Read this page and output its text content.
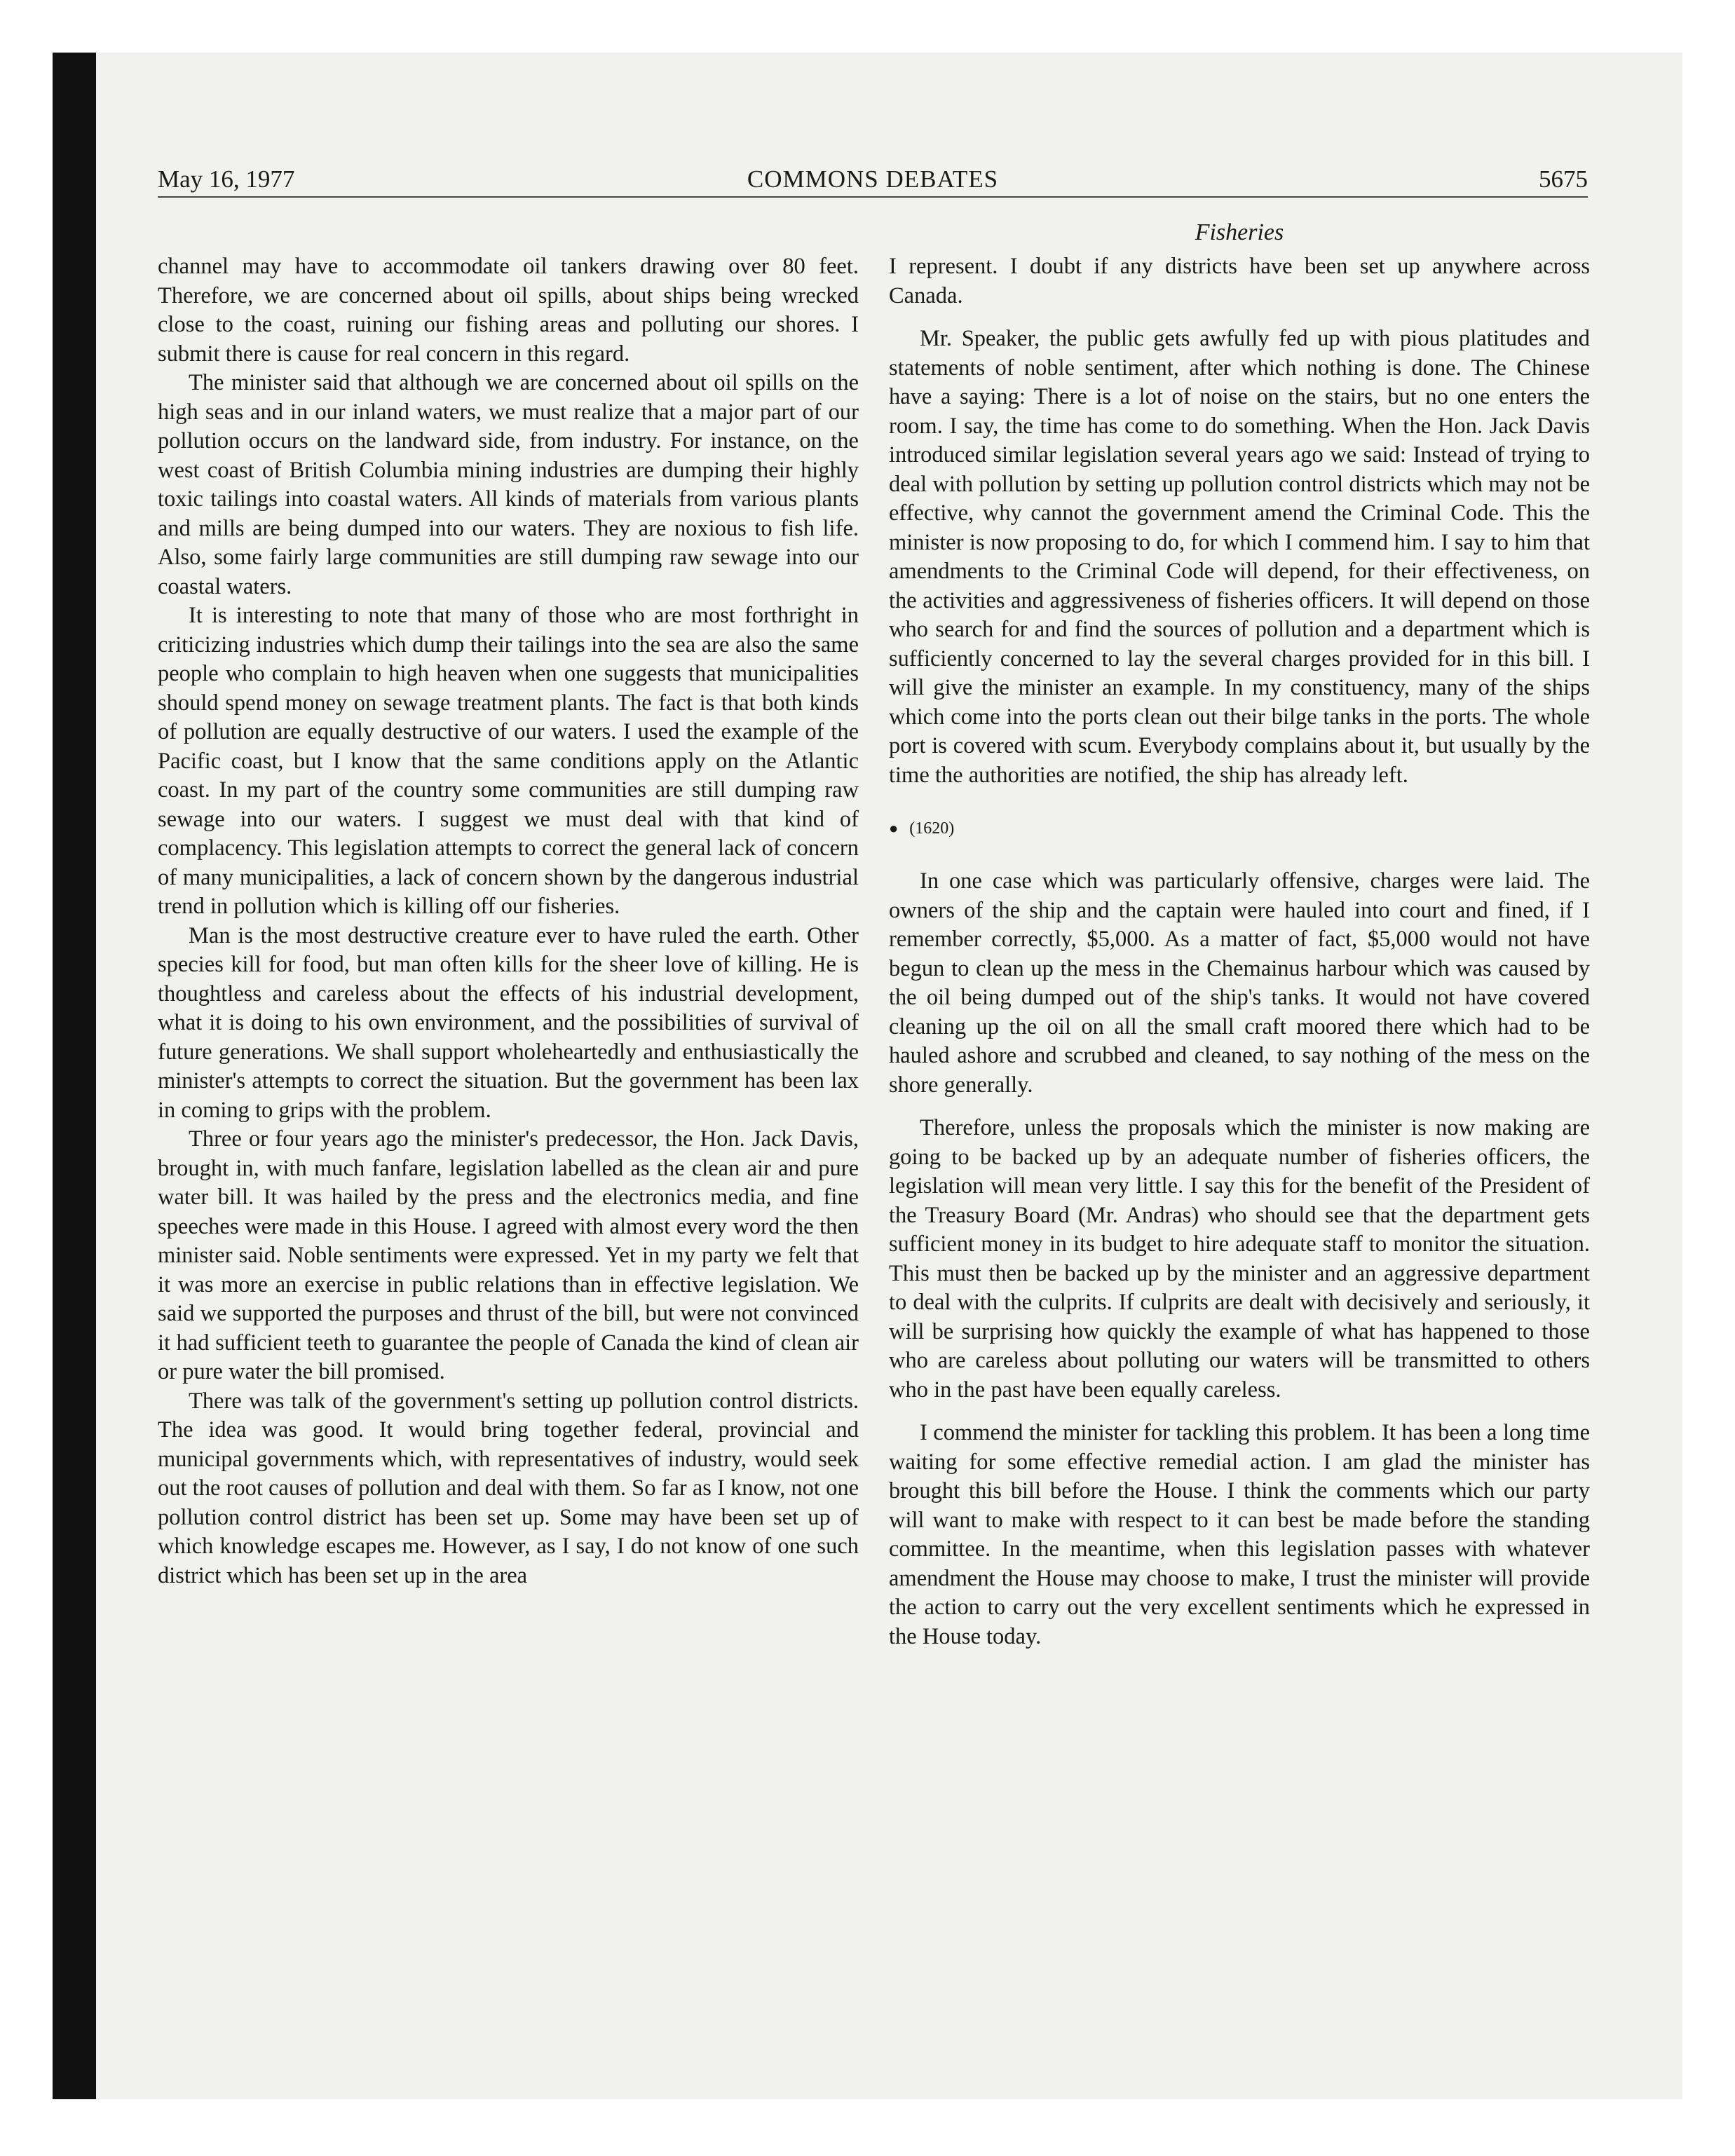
May 16, 1977	COMMONS DEBATES	5675
Fisheries

channel may have to accommodate oil tankers drawing over 80 feet. Therefore, we are concerned about oil spills, about ships being wrecked close to the coast, ruining our fishing areas and polluting our shores. I submit there is cause for real concern in this regard.

The minister said that although we are concerned about oil spills on the high seas and in our inland waters, we must realize that a major part of our pollution occurs on the landward side, from industry. For instance, on the west coast of British Columbia mining industries are dumping their highly toxic tailings into coastal waters. All kinds of materials from various plants and mills are being dumped into our waters. They are noxious to fish life. Also, some fairly large communities are still dumping raw sewage into our coastal waters.

It is interesting to note that many of those who are most forthright in criticizing industries which dump their tailings into the sea are also the same people who complain to high heaven when one suggests that municipalities should spend money on sewage treatment plants. The fact is that both kinds of pollution are equally destructive of our waters. I used the example of the Pacific coast, but I know that the same conditions apply on the Atlantic coast. In my part of the country some communities are still dumping raw sewage into our waters. I suggest we must deal with that kind of complacency. This legislation attempts to correct the general lack of concern of many municipalities, a lack of concern shown by the dangerous industrial trend in pollution which is killing off our fisheries.

Man is the most destructive creature ever to have ruled the earth. Other species kill for food, but man often kills for the sheer love of killing. He is thoughtless and careless about the effects of his industrial development, what it is doing to his own environment, and the possibilities of survival of future generations. We shall support wholeheartedly and enthusiastically the minister's attempts to correct the situation. But the government has been lax in coming to grips with the problem.

Three or four years ago the minister's predecessor, the Hon. Jack Davis, brought in, with much fanfare, legislation labelled as the clean air and pure water bill. It was hailed by the press and the electronics media, and fine speeches were made in this House. I agreed with almost every word the then minister said. Noble sentiments were expressed. Yet in my party we felt that it was more an exercise in public relations than in effective legislation. We said we supported the purposes and thrust of the bill, but were not convinced it had sufficient teeth to guarantee the people of Canada the kind of clean air or pure water the bill promised.

There was talk of the government's setting up pollution control districts. The idea was good. It would bring together federal, provincial and municipal governments which, with representatives of industry, would seek out the root causes of pollution and deal with them. So far as I know, not one pollution control district has been set up. Some may have been set up of which knowledge escapes me. However, as I say, I do not know of one such district which has been set up in the area

I represent. I doubt if any districts have been set up anywhere across Canada.

Mr. Speaker, the public gets awfully fed up with pious platitudes and statements of noble sentiment, after which nothing is done. The Chinese have a saying: There is a lot of noise on the stairs, but no one enters the room. I say, the time has come to do something. When the Hon. Jack Davis introduced similar legislation several years ago we said: Instead of trying to deal with pollution by setting up pollution control districts which may not be effective, why cannot the government amend the Criminal Code. This the minister is now proposing to do, for which I commend him. I say to him that amendments to the Criminal Code will depend, for their effectiveness, on the activities and aggressiveness of fisheries officers. It will depend on those who search for and find the sources of pollution and a department which is sufficiently concerned to lay the several charges provided for in this bill. I will give the minister an example. In my constituency, many of the ships which come into the ports clean out their bilge tanks in the ports. The whole port is covered with scum. Everybody complains about it, but usually by the time the authorities are notified, the ship has already left.

● (1620)

In one case which was particularly offensive, charges were laid. The owners of the ship and the captain were hauled into court and fined, if I remember correctly, $5,000. As a matter of fact, $5,000 would not have begun to clean up the mess in the Chemainus harbour which was caused by the oil being dumped out of the ship's tanks. It would not have covered cleaning up the oil on all the small craft moored there which had to be hauled ashore and scrubbed and cleaned, to say nothing of the mess on the shore generally.

Therefore, unless the proposals which the minister is now making are going to be backed up by an adequate number of fisheries officers, the legislation will mean very little. I say this for the benefit of the President of the Treasury Board (Mr. Andras) who should see that the department gets sufficient money in its budget to hire adequate staff to monitor the situation. This must then be backed up by the minister and an aggressive department to deal with the culprits. If culprits are dealt with decisively and seriously, it will be surprising how quickly the example of what has happened to those who are careless about polluting our waters will be transmitted to others who in the past have been equally careless.

I commend the minister for tackling this problem. It has been a long time waiting for some effective remedial action. I am glad the minister has brought this bill before the House. I think the comments which our party will want to make with respect to it can best be made before the standing committee. In the meantime, when this legislation passes with whatever amendment the House may choose to make, I trust the minister will provide the action to carry out the very excellent sentiments which he expressed in the House today.
